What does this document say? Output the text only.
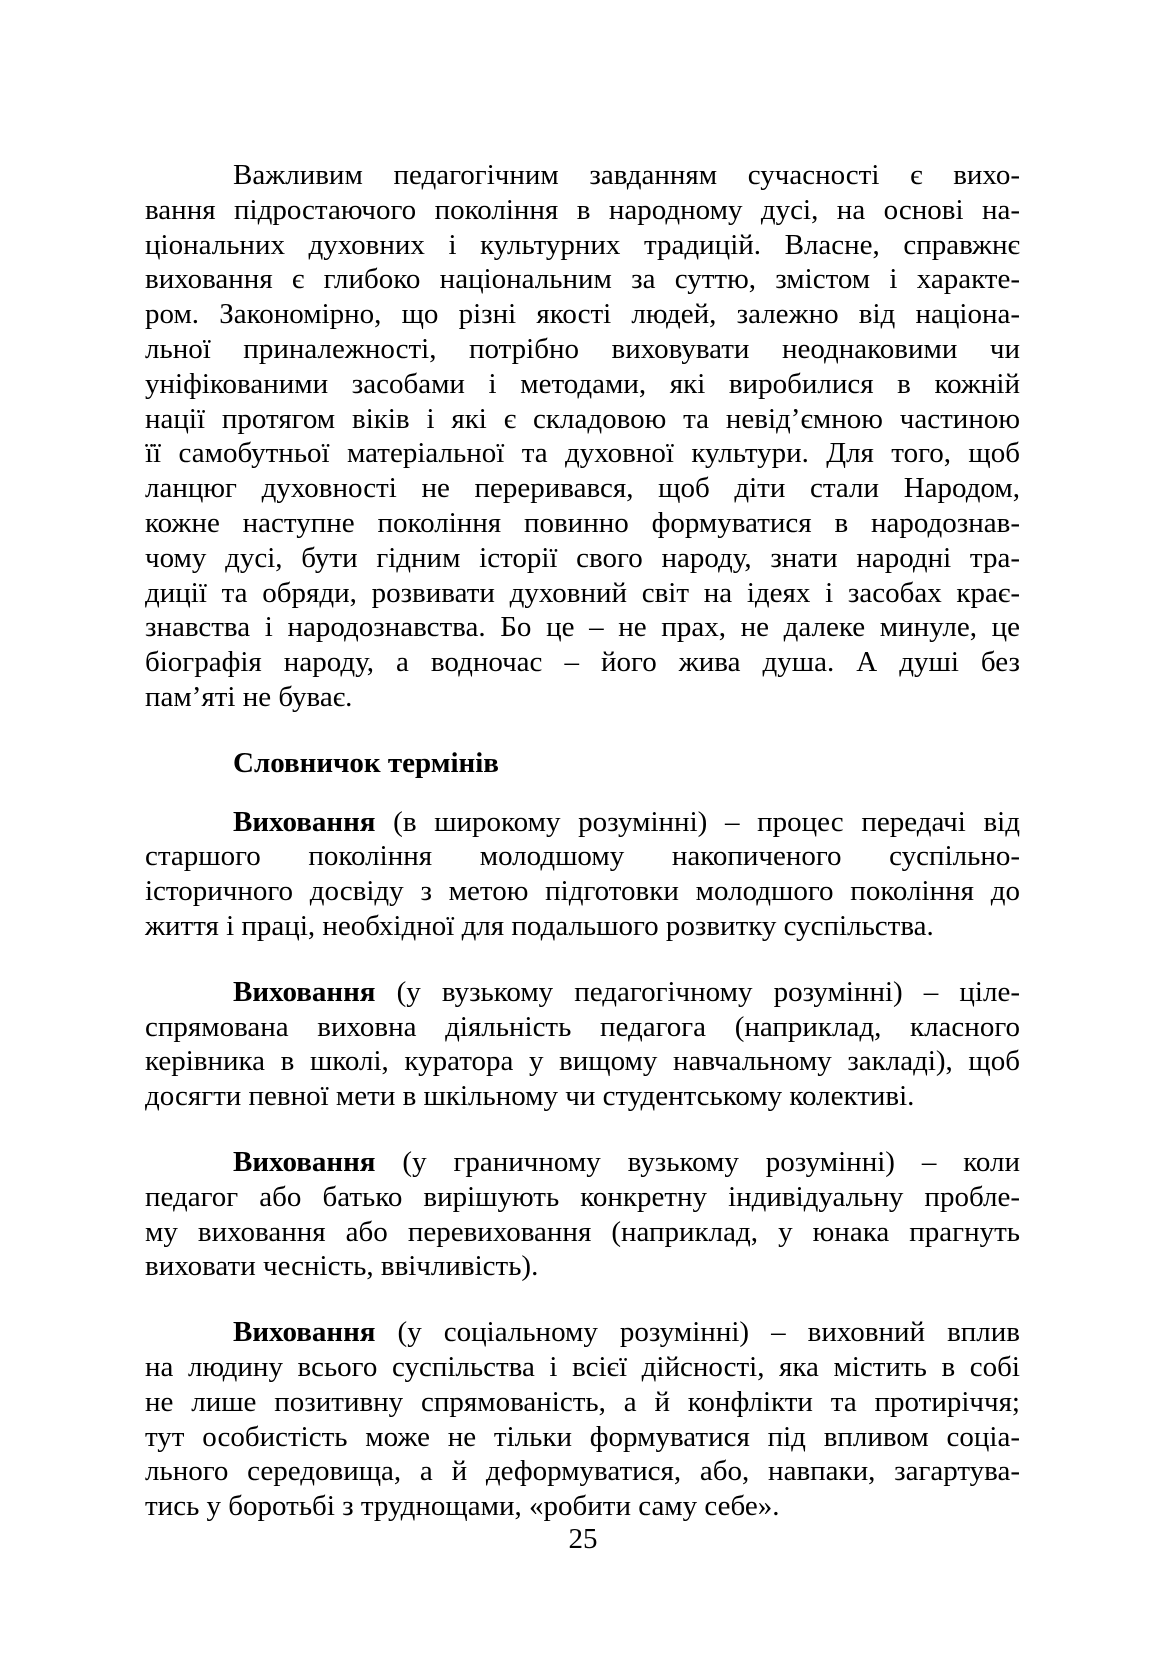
Важливим педагогічним завданням сучасності є вихо-
вання підростаючого покоління в народному дусі, на основі на-
ціональних духовних і культурних традицій. Власне, справжнє
виховання є глибоко національним за суттю, змістом і характе-
ром. Закономірно, що різні якості людей, залежно від націона-
льної приналежності, потрібно виховувати неоднаковими чи
уніфікованими засобами і методами, які виробилися в кожній
нації протягом віків і які є складовою та невід’ємною частиною
її самобутньої матеріальної та духовної культури. Для того, щоб
ланцюг духовності не переривався, щоб діти стали Народом,
кожне наступне покоління повинно формуватися в народознав-
чому дусі, бути гідним історії свого народу, знати народні тра-
диції та обряди, розвивати духовний світ на ідеях і засобах крає-
знавства і народознавства. Бо це – не прах, не далеке минуле, це
біографія народу, а водночас – його жива душа. А душі без
пам’яті не буває.

Словничок термінів

Виховання (в широкому розумінні) – процес передачі від
старшого покоління молодшому накопиченого суспільно-
історичного досвіду з метою підготовки молодшого покоління до
життя і праці, необхідної для подальшого розвитку суспільства.

Виховання (у вузькому педагогічному розумінні) – ціле-
спрямована виховна діяльність педагога (наприклад, класного
керівника в школі, куратора у вищому навчальному закладі), щоб
досягти певної мети в шкільному чи студентському колективі.

Виховання (у граничному вузькому розумінні) – коли
педагог або батько вирішують конкретну індивідуальну пробле-
му виховання або перевиховання (наприклад, у юнака прагнуть
виховати чесність, ввічливість).

Виховання (у соціальному розумінні) – виховний вплив
на людину всього суспільства і всієї дійсності, яка містить в собі
не лише позитивну спрямованість, а й конфлікти та протиріччя;
тут особистість може не тільки формуватися під впливом соціа-
льного середовища, а й деформуватися, або, навпаки, загартува-
тись у боротьбі з труднощами, «робити саму себе».

25
